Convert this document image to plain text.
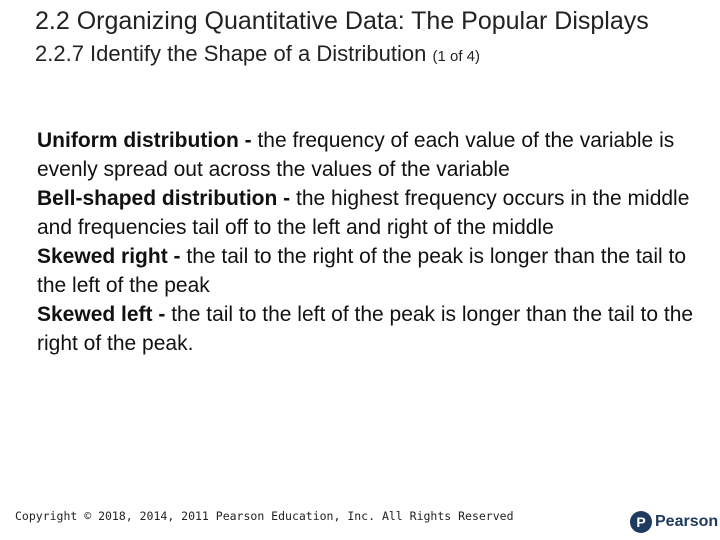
2.2 Organizing Quantitative Data: The Popular Displays
2.2.7 Identify the Shape of a Distribution (1 of 4)

Uniform distribution - the frequency of each value of the variable is evenly spread out across the values of the variable

Bell-shaped distribution - the highest frequency occurs in the middle and frequencies tail off to the left and right of the middle

Skewed right - the tail to the right of the peak is longer than the tail to the left of the peak

Skewed left - the tail to the left of the peak is longer than the tail to the right of the peak.

Copyright © 2018, 2014, 2011 Pearson Education, Inc. All Rights Reserved	P Pearson
